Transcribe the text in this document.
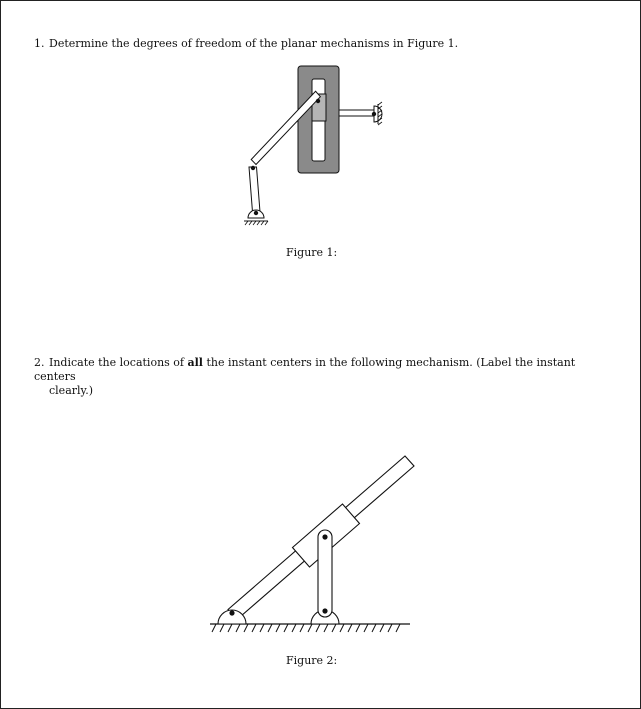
1. Determine the degrees of freedom of the planar mechanisms in Figure 1.

Figure 1:

2. Indicate the locations of all the instant centers in the following mechanism. (Label the instant centers
clearly.)

Figure 2:
